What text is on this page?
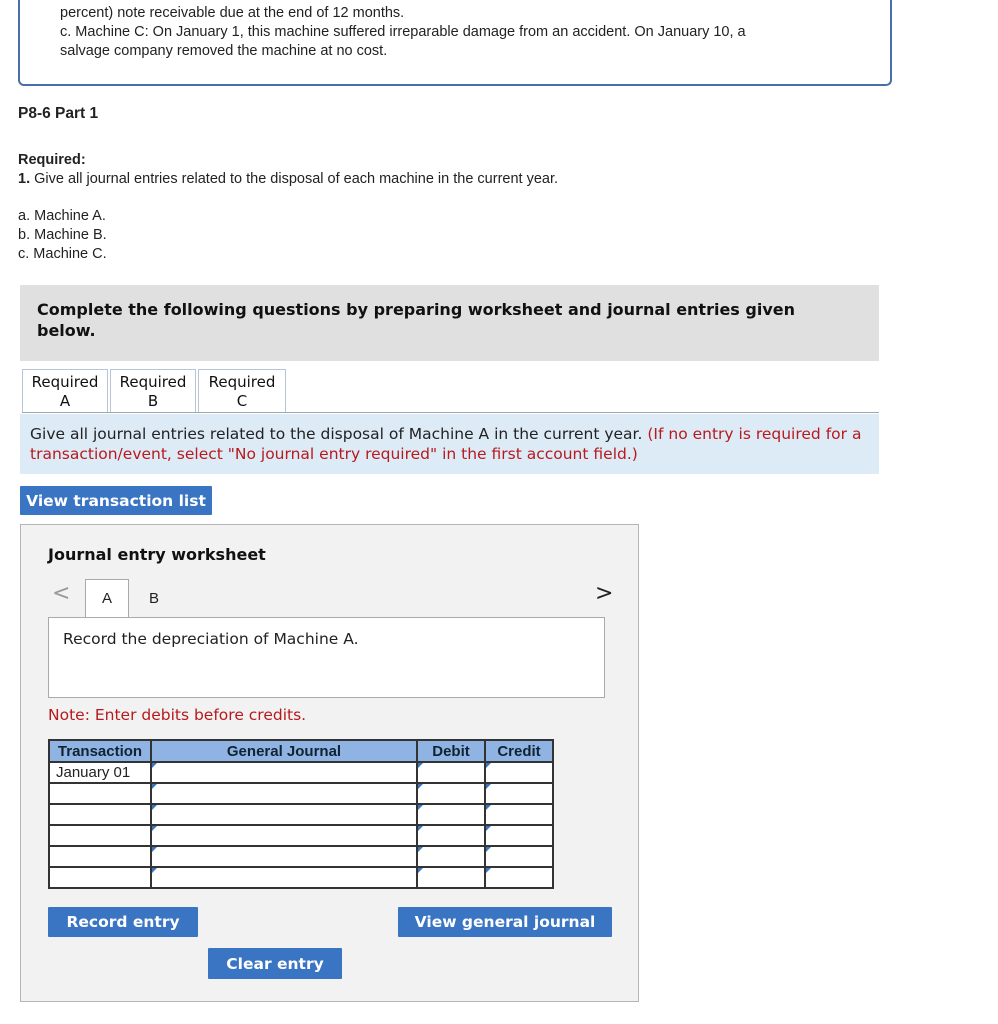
percent) note receivable due at the end of 12 months.
c. Machine C: On January 1, this machine suffered irreparable damage from an accident. On January 10, a
salvage company removed the machine at no cost.
P8-6 Part 1
Required:
1. Give all journal entries related to the disposal of each machine in the current year.
a. Machine A.
b. Machine B.
c. Machine C.
Complete the following questions by preparing worksheet and journal entries given
below.
Required
A
Required
B
Required
C
Give all journal entries related to the disposal of Machine A in the current year. (If no entry is required for a transaction/event, select "No journal entry required" in the first account field.)
View transaction list
Journal entry worksheet
<	A	B	>
Record the depreciation of Machine A.
Note: Enter debits before credits.
Transaction	General Journal	Debit	Credit
January 01			

Record entry	View general journal
Clear entry
